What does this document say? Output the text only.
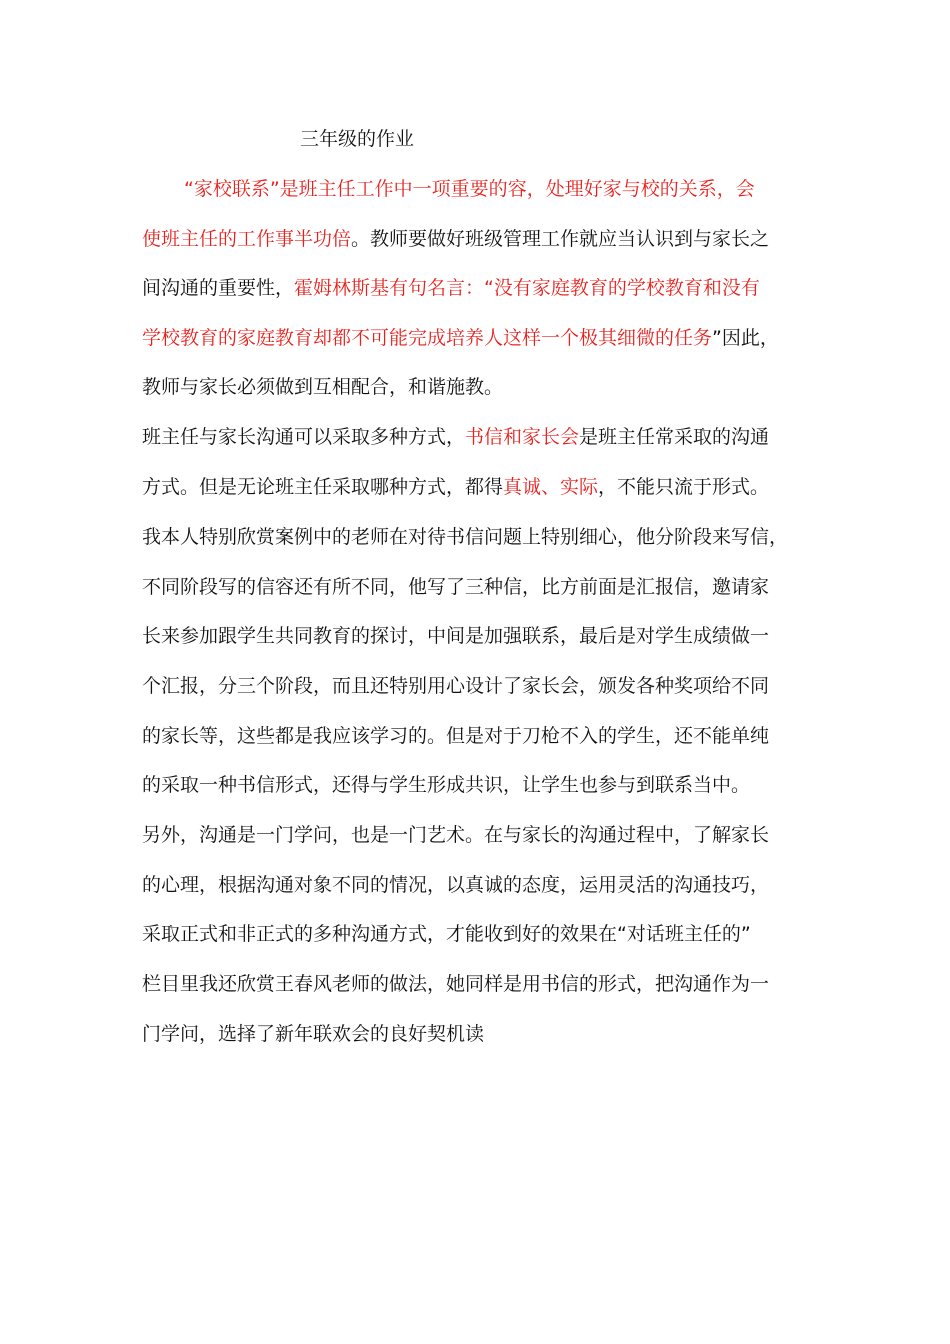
三年级的作业
“家校联系”是班主任工作中一项重要的容，处理好家与校的关系，会
使班主任的工作事半功倍。教师要做好班级管理工作就应当认识到与家长之
间沟通的重要性，霍姆林斯基有句名言：“没有家庭教育的学校教育和没有
学校教育的家庭教育却都不可能完成培养人这样一个极其细微的任务”因此，
教师与家长必须做到互相配合，和谐施教。
班主任与家长沟通可以采取多种方式，书信和家长会是班主任常采取的沟通
方式。但是无论班主任采取哪种方式，都得真诚、实际，不能只流于形式。
我本人特别欣赏案例中的老师在对待书信问题上特别细心，他分阶段来写信，
不同阶段写的信容还有所不同，他写了三种信，比方前面是汇报信，邀请家
长来参加跟学生共同教育的探讨，中间是加强联系，最后是对学生成绩做一
个汇报，分三个阶段，而且还特别用心设计了家长会，颁发各种奖项给不同
的家长等，这些都是我应该学习的。但是对于刀枪不入的学生，还不能单纯
的采取一种书信形式，还得与学生形成共识，让学生也参与到联系当中。
另外，沟通是一门学问，也是一门艺术。在与家长的沟通过程中，了解家长
的心理，根据沟通对象不同的情况，以真诚的态度，运用灵活的沟通技巧，
采取正式和非正式的多种沟通方式，才能收到好的效果在“对话班主任的”
栏目里我还欣赏王春风老师的做法，她同样是用书信的形式，把沟通作为一
门学问，选择了新年联欢会的良好契机读
